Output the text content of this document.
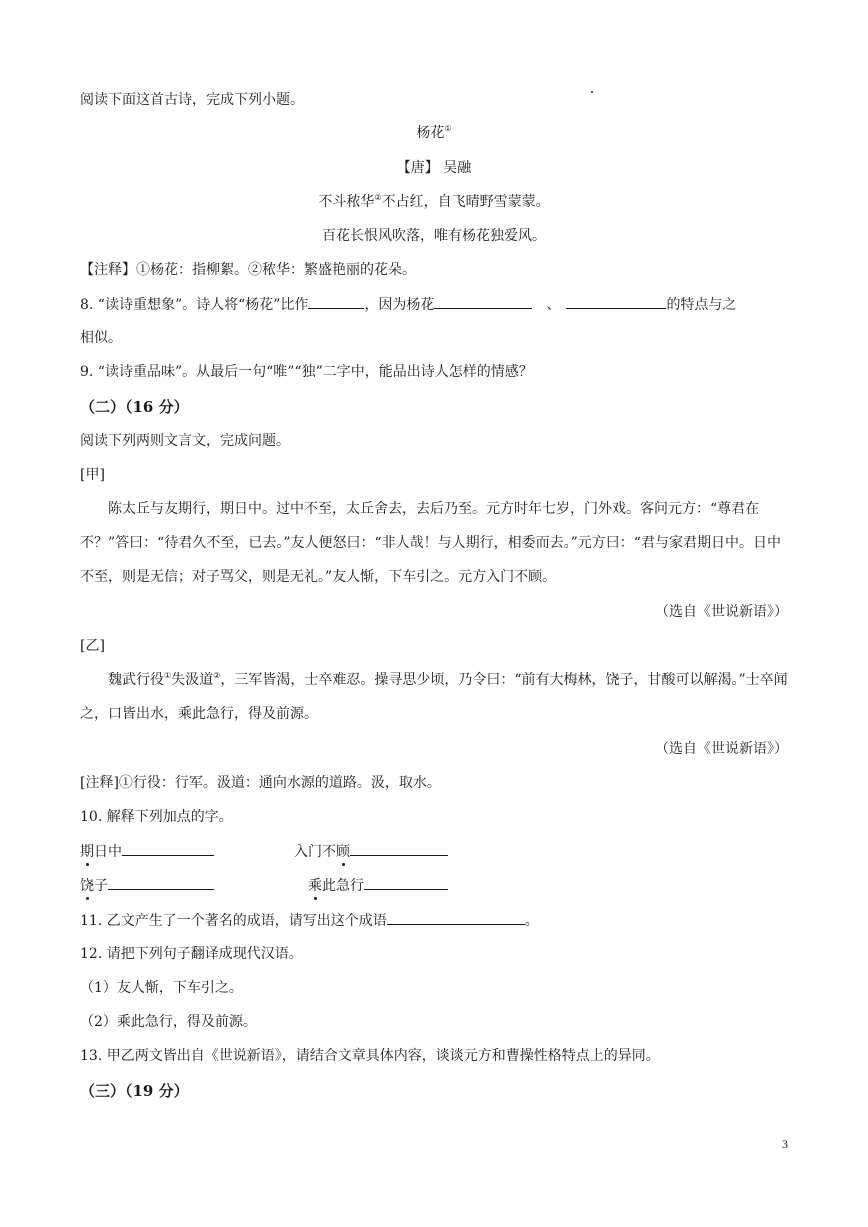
阅读下面这首古诗，完成下列小题。
杨花①
【唐】 吴融
不斗秾华②不占红，自飞晴野雪蒙蒙。
百花长恨风吹落，唯有杨花独爱风。
【注释】①杨花：指柳絮。②秾华：繁盛艳丽的花朵。
8. “读诗重想象”。诗人将“杨花”比作	，因为杨花	、	的特点与之
相似。
9. “读诗重品味”。从最后一句“唯”“独”二字中，能品出诗人怎样的情感？
（二）（16 分）
阅读下列两则文言文，完成问题。
[甲]
陈太丘与友期行，期日中。过中不至，太丘舍去，去后乃至。元方时年七岁，门外戏。客问元方：“尊君在不？”答曰：“待君久不至，已去。”友人便怒曰：“非人哉！与人期行，相委而去。”元方曰：“君与家君期日中。日中不至，则是无信；对子骂父，则是无礼。”友人惭，下车引之。元方入门不顾。
（选自《世说新语》）
[乙]
魏武行役①失汲道②，三军皆渴，士卒难忍。操寻思少顷，乃令曰：“前有大梅林，饶子，甘酸可以解渴。”士卒闻之，口皆出水，乘此急行，得及前源。
（选自《世说新语》）
[注释]①行役：行军。汲道：通向水源的道路。汲，取水。
10. 解释下列加点的字。
期日中	入门不顾
饶子	乘此急行
11. 乙文产生了一个著名的成语，请写出这个成语	。
12. 请把下列句子翻译成现代汉语。
（1）友人惭，下车引之。
（2）乘此急行，得及前源。
13. 甲乙两文皆出自《世说新语》，请结合文章具体内容，谈谈元方和曹操性格特点上的异同。
（三）（19 分）
3
